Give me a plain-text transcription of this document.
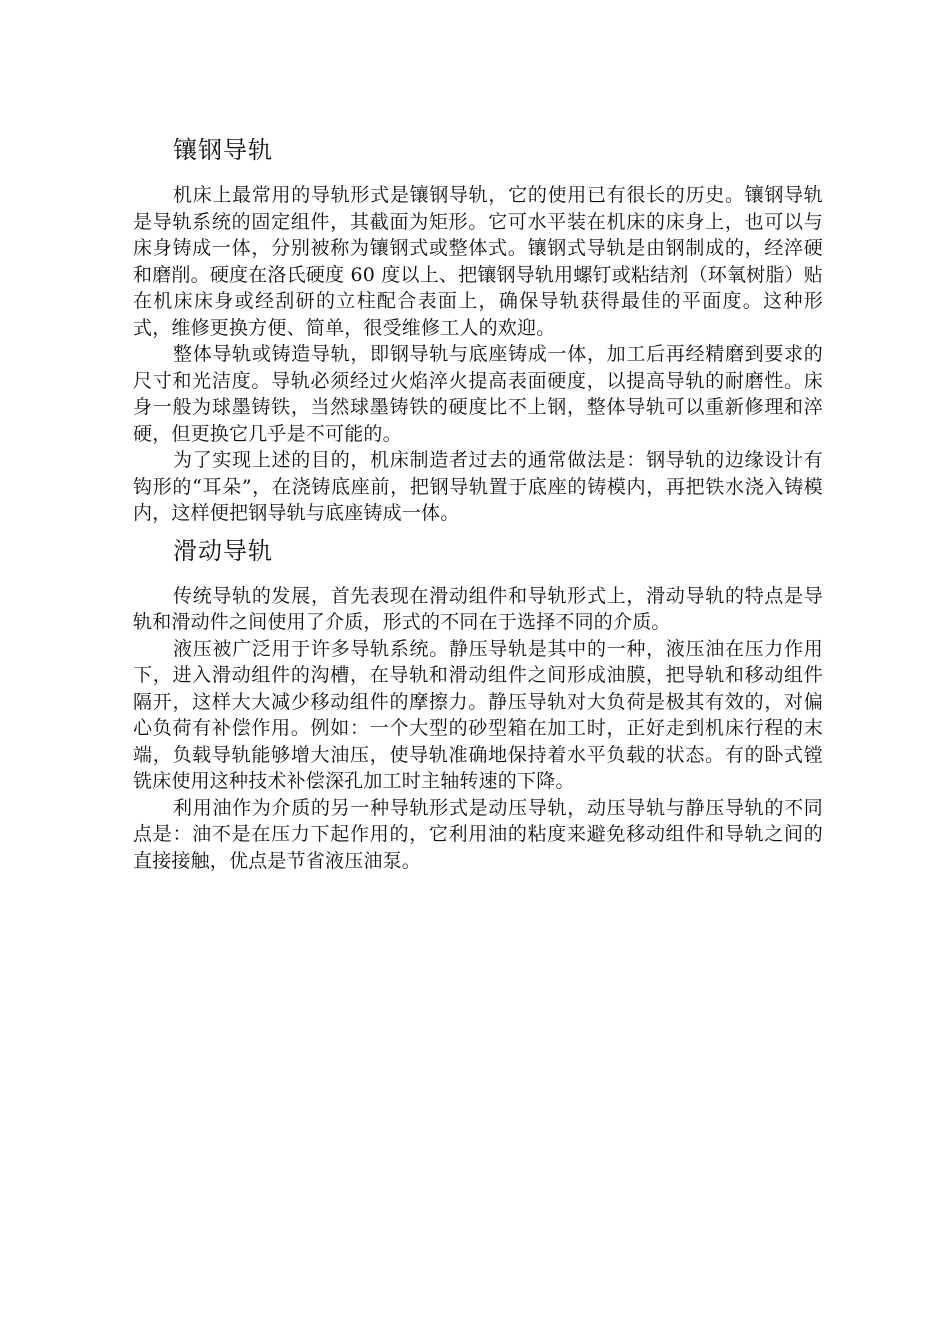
镶钢导轨

机床上最常用的导轨形式是镶钢导轨，它的使用已有很长的历史。镶钢导轨是导轨系统的固定组件，其截面为矩形。它可水平装在机床的床身上，也可以与床身铸成一体，分别被称为镶钢式或整体式。镶钢式导轨是由钢制成的，经淬硬和磨削。硬度在洛氏硬度 60 度以上、把镶钢导轨用螺钉或粘结剂（环氧树脂）贴在机床床身或经刮研的立柱配合表面上，确保导轨获得最佳的平面度。这种形式，维修更换方便、简单，很受维修工人的欢迎。

整体导轨或铸造导轨，即钢导轨与底座铸成一体，加工后再经精磨到要求的尺寸和光洁度。导轨必须经过火焰淬火提高表面硬度，以提高导轨的耐磨性。床身一般为球墨铸铁，当然球墨铸铁的硬度比不上钢，整体导轨可以重新修理和淬硬，但更换它几乎是不可能的。

为了实现上述的目的，机床制造者过去的通常做法是：钢导轨的边缘设计有钩形的“耳朵”，在浇铸底座前，把钢导轨置于底座的铸模内，再把铁水浇入铸模内，这样便把钢导轨与底座铸成一体。

滑动导轨

传统导轨的发展，首先表现在滑动组件和导轨形式上，滑动导轨的特点是导轨和滑动件之间使用了介质，形式的不同在于选择不同的介质。

液压被广泛用于许多导轨系统。静压导轨是其中的一种，液压油在压力作用下，进入滑动组件的沟槽，在导轨和滑动组件之间形成油膜，把导轨和移动组件隔开，这样大大减少移动组件的摩擦力。静压导轨对大负荷是极其有效的，对偏心负荷有补偿作用。例如：一个大型的砂型箱在加工时，正好走到机床行程的末端，负载导轨能够增大油压，使导轨准确地保持着水平负载的状态。有的卧式镗铣床使用这种技术补偿深孔加工时主轴转速的下降。

利用油作为介质的另一种导轨形式是动压导轨，动压导轨与静压导轨的不同点是：油不是在压力下起作用的，它利用油的粘度来避免移动组件和导轨之间的直接接触，优点是节省液压油泵。
